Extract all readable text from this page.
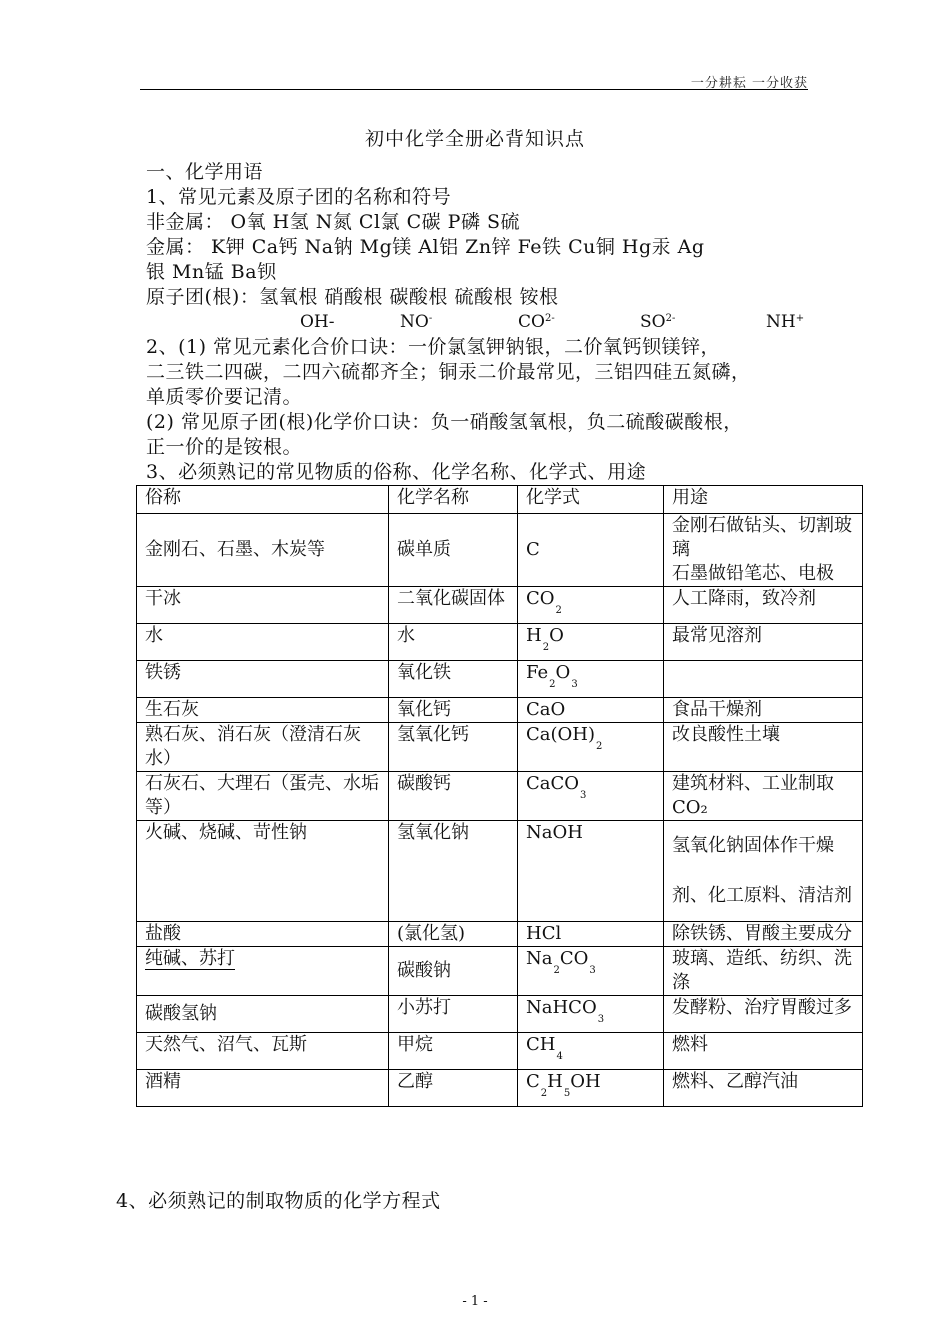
一分耕耘 一分收获
初中化学全册必背知识点
一、化学用语
1、常见元素及原子团的名称和符号
非金属： O氧 H氢 N氮 Cl氯 C碳 P磷 S硫
金属： K钾 Ca钙 Na钠 Mg镁 Al铝 Zn锌 Fe铁 Cu铜 Hg汞 Ag
银 Mn锰 Ba钡
原子团(根)：氢氧根 硝酸根 碳酸根 硫酸根 铵根
OH-	NO-	$CO^{2-}$	$SO^{2-}$	NH+
2、(1) 常见元素化合价口诀：一价氯氢钾钠银，二价氧钙钡镁锌，
二三铁二四碳，二四六硫都齐全；铜汞二价最常见，三铝四硅五氮磷，
单质零价要记清。
(2) 常见原子团(根)化学价口诀：负一硝酸氢氧根，负二硫酸碳酸根，
正一价的是铵根。
3、必须熟记的常见物质的俗称、化学名称、化学式、用途
俗称	化学名称	化学式	用途
金刚石、石墨、木炭等	碳单质	C	金刚石做钻头、切割玻璃
石墨做铅笔芯、电极
干冰	二氧化碳固体	$CO_2$	人工降雨，致冷剂
水	水	$H_2O$	最常见溶剂
铁锈	氧化铁	$Fe_2O_3$	
生石灰	氧化钙	CaO	食品干燥剂
熟石灰、消石灰（澄清石灰水）	氢氧化钙	$Ca(OH)_2$	改良酸性土壤
石灰石、大理石（蛋壳、水垢等）	碳酸钙	CaCO$_3$	建筑材料、工业制取CO₂
火碱、烧碱、苛性钠	氢氧化钠	NaOH	氢氧化钠固体作干燥剂、化工原料、清洁剂
盐酸	(氯化氢)	HCl	除铁锈、胃酸主要成分
纯碱、苏打	碳酸钠	$Na_2CO_3$	玻璃、造纸、纺织、洗涤
碳酸氢钠	小苏打	NaHCO$_3$	发酵粉、治疗胃酸过多
天然气、沼气、瓦斯	甲烷	$CH_4$	燃料
酒精	乙醇	$C_2H_5OH$	燃料、乙醇汽油
4、必须熟记的制取物质的化学方程式
- 1 -
